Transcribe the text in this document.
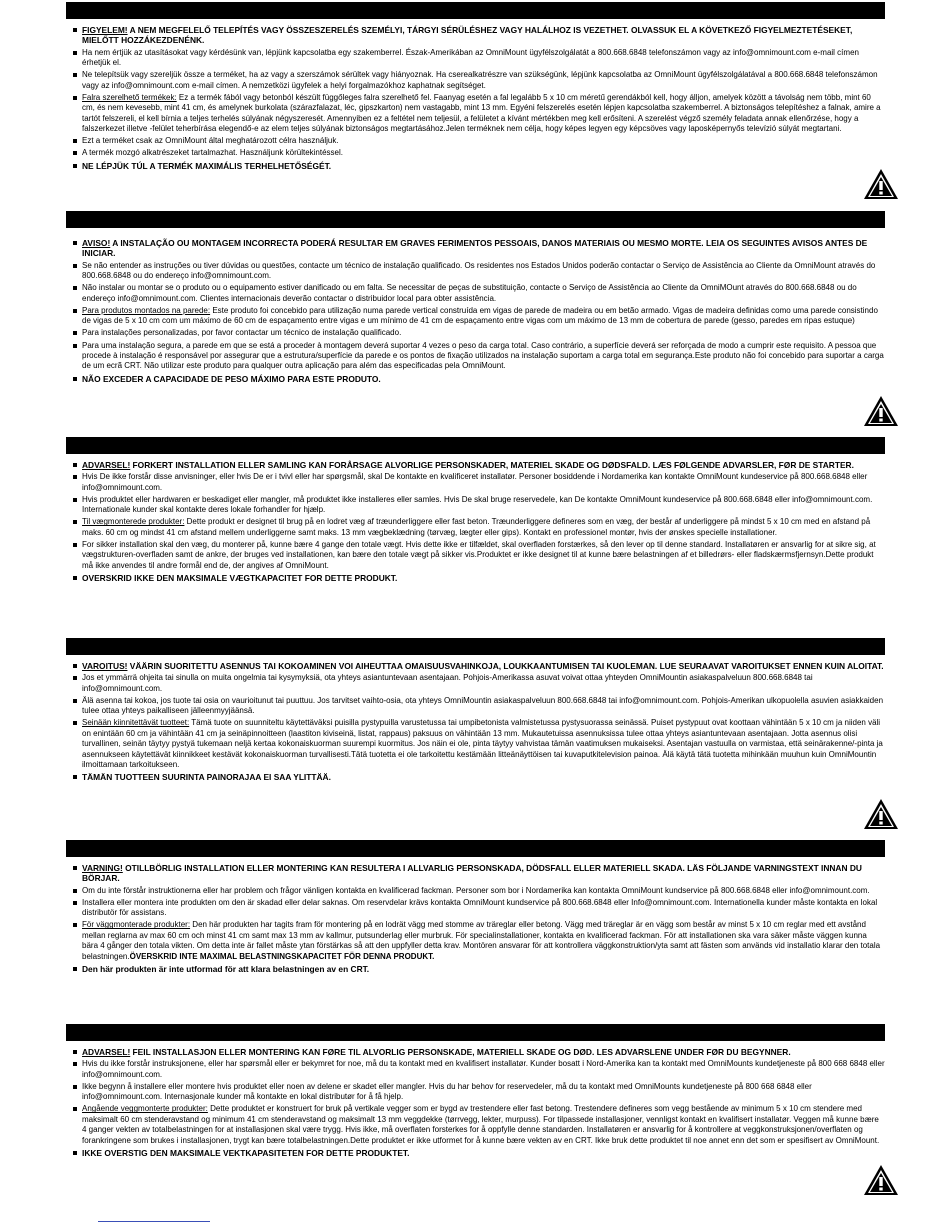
FIGYELEM! A NEM MEGFELELŐ TELEPÍTÉS VAGY ÖSSZESZERELÉS SZEMÉLYI, TÁRGYI SÉRÜLÉSHEZ VAGY HALÁLHOZ IS VEZETHET. OLVASSUK EL A KÖVETKEZŐ FIGYELMEZTETÉSEKET, MIELŐTT HOZZÁKEZDENÉNK.
Ha nem értjük az utasításokat vagy kérdésünk van, lépjünk kapcsolatba egy szakemberrel. Észak-Amerikában az OmniMount ügyfélszolgálatát a 800.668.6848 telefonszámon vagy az info@omnimount.com e-mail címen érhetjük el.
Ne telepítsük vagy szereljük össze a terméket, ha az vagy a szerszámok sérültek vagy hiányoznak. Ha cserealkatrészre van szükségünk, lépjünk kapcsolatba az OmniMount ügyfélszolgálatával a 800.668.6848 telefonszámon vagy az info@omnimount.com e-mail címen. A nemzetközi ügyfelek a helyi forgalmazókhoz kaphatnak segítséget.
Falra szerelhető termékek: Ez a termék fából vagy betonból készült függőleges falra szerelhető fel. Faanyag esetén a fal legalább 5 x 10 cm méretű gerendákból kell, hogy álljon, amelyek között a távolság nem több, mint 60 cm, és nem kevesebb, mint 41 cm, és amelynek burkolata (szárazfalazat, léc, gipszkarton) nem vastagabb, mint 13 mm. Egyéni felszerelés esetén lépjen kapcsolatba szakemberrel. A biztonságos telepítéshez a falnak, amire a tartót felszereli, el kell bírnia a teljes terhelés súlyának négyszeresét. Amennyiben ez a feltétel nem teljesül, a felületet a kívánt mértékben meg kell erősíteni. A szerelést végző személy feladata annak ellenőrzése, hogy a falszerkezet illetve -felület teherbírása elegendő-e az elem teljes súlyának biztonságos megtartásához.Jelen terméknek nem célja, hogy képes legyen egy képcsöves vagy laposképernyős televízió súlyát megtartani.
Ezt a terméket csak az OmniMount által meghatározott célra használjuk.
A termék mozgó alkatrészeket tartalmazhat. Használjunk körültekintéssel.
NE LÉPJÜK TÚL A TERMÉK MAXIMÁLIS TERHELHETŐSÉGÉT.
AVISO! A INSTALAÇÃO OU MONTAGEM INCORRECTA PODERÁ RESULTAR EM GRAVES FERIMENTOS PESSOAIS, DANOS MATERIAIS OU MESMO MORTE. LEIA OS SEGUINTES AVISOS ANTES DE INICIAR.
Se não entender as instruções ou tiver dúvidas ou questões, contacte um técnico de instalação qualificado. Os residentes nos Estados Unidos poderão contactar o Serviço de Assistência ao Cliente da OmniMount através do 800.668.6848 ou do endereço info@omnimount.com.
Não instalar ou montar se o produto ou o equipamento estiver danificado ou em falta. Se necessitar de peças de substituição, contacte o Serviço de Assistência ao Cliente da OmniMOunt através do 800.668.6848 ou do endereço info@omnimount.com. Clientes internacionais deverão contactar o distribuidor local para obter assistência.
Para produtos montados na parede: Este produto foi concebido para utilização numa parede vertical construída em vigas de parede de madeira ou em betão armado. Vigas de madeira definidas como uma parede consistindo de vigas de 5 x 10 cm com um máximo de 60 cm de espaçamento entre vigas e um mínimo de 41 cm de espaçamento entre vigas com um máximo de 13 mm de cobertura de parede (gesso, paredes em ripas estuque)
Para instalações personalizadas, por favor contactar um técnico de instalação qualificado.
Para uma instalação segura, a parede em que se está a proceder à montagem deverá suportar 4 vezes o peso da carga total. Caso contrário, a superfície deverá ser reforçada de modo a cumprir este requisito. A pessoa que procede à instalação é responsável por assegurar que a estrutura/superfície da parede e os pontos de fixação utilizados na instalação suportam a carga total em segurança.Este produto não foi concebido para suportar a carga de um ecrã CRT. Não utilizar este produto para qualquer outra aplicação para além das especificadas pela OmniMount.
NÃO EXCEDER A CAPACIDADE DE PESO MÁXIMO PARA ESTE PRODUTO.
ADVARSEL! FORKERT INSTALLATION ELLER SAMLING KAN FORÅRSAGE ALVORLIGE PERSONSKADER, MATERIEL SKADE OG DØDSFALD. LÆS FØLGENDE ADVARSLER, FØR DE STARTER.
Hvis De ikke forstår disse anvisninger, eller hvis De er i tvivl eller har spørgsmål, skal De kontakte en kvalificeret installatør. Personer bosiddende i Nordamerika kan kontakte OmniMount kundeservice på 800.668.6848 eller info@omnimount.com.
Hvis produktet eller hardwaren er beskadiget eller mangler, må produktet ikke installeres eller samles. Hvis De skal bruge reservedele, kan De kontakte OmniMount kundeservice på 800.668.6848 eller info@omnimount.com. Internationale kunder skal kontakte deres lokale forhandler for hjælp.
Til vægmonterede produkter: Dette produkt er designet til brug på en lodret væg af træunderliggere eller fast beton. Træunderliggere defineres som en væg, der består af underliggere på mindst 5 x 10 cm med en afstand på maks. 60 cm og mindst 41 cm afstand mellem underliggerne samt maks. 13 mm vægbeklædning (tørvæg, lægter eller gips). Kontakt en professionel montør, hvis der ønskes specielle installationer.
For sikker installation skal den væg, du monterer på, kunne bære 4 gange den totale vægt. Hvis dette ikke er tilfældet, skal overfladen forstærkes, så den lever op til denne standard. Installatøren er ansvarlig for at sikre sig, at vægstrukturen-overfladen samt de ankre, der bruges ved installationen, kan bære den totale vægt på sikker vis.Produktet er ikke designet til at kunne bære belastningen af et billedrørs- eller fladskærmsfjernsyn.Dette produkt må ikke anvendes til andre formål end de, der angives af OmniMount.
OVERSKRID IKKE DEN MAKSIMALE VÆGTKAPACITET FOR DETTE PRODUKT.
VAROITUS! VÄÄRIN SUORITETTU ASENNUS TAI KOKOAMINEN VOI AIHEUTTAA OMAISUUSVAHINKOJA, LOUKKAANTUMISEN TAI KUOLEMAN. LUE SEURAAVAT VAROITUKSET ENNEN KUIN ALOITAT.
Jos et ymmärrä ohjeita tai sinulla on muita ongelmia tai kysymyksiä, ota yhteys asiantuntevaan asentajaan. Pohjois-Amerikassa asuvat voivat ottaa yhteyden OmniMountin asiakaspalveluun 800.668.6848 tai info@omnimount.com.
Älä asenna tai kokoa, jos tuote tai osia on vaurioitunut tai puuttuu. Jos tarvitset vaihto-osia, ota yhteys OmniMountin asiakaspalveluun 800.668.6848 tai info@omnimount.com. Pohjois-Amerikan ulkopuolella asuvien asiakkaiden tulee ottaa yhteys paikalliseen jälleenmyyjäänsä.
Seinään kiinnitettävät tuotteet: Tämä tuote on suunniteltu käytettäväksi puisilla pystypuilla varustetussa tai umpibetonista valmistetussa pystysuorassa seinässä. Puiset pystypuut ovat koottaan vähintään 5 x 10 cm ja niiden väli on enintään 60 cm ja vähintään 41 cm ja seinäpinnoitteen (laastiton kiviseinä, listat, rappaus) paksuus on vähintään 13 mm. Mukautetuissa asennuksissa tulee ottaa yhteys asiantuntevaan asentajaan. Jotta asennus olisi turvallinen, seinän täytyy pystyä tukemaan neljä kertaa kokonaiskuorman suurempi kuormitus. Jos näin ei ole, pinta täytyy vahvistaa tämän vaatimuksen mukaiseksi. Asentajan vastuulla on varmistaa, että seinärakenne/-pinta ja asennukseen käytettävät kiinnikkeet kestävät kokonaiskuorman turvallisesti.Tätä tuotetta ei ole tarkoitettu kestämään litteänäyttöisen tai kuvaputkitelevision painoa. Älä käytä tätä tuotetta mihinkään muuhun kuin OmniMountin ilmoittamaan tarkoitukseen.
TÄMÄN TUOTTEEN SUURINTA PAINORAJAA EI SAA YLITTÄÄ.
VARNING! OTILLBÖRLIG INSTALLATION ELLER MONTERING KAN RESULTERA I ALLVARLIG PERSONSKADA, DÖDSFALL ELLER MATERIELL SKADA. LÄS FÖLJANDE VARNINGSTEXT INNAN DU BÖRJAR.
Om du inte förstår instruktionerna eller har problem och frågor vänligen kontakta en kvalificerad fackman. Personer som bor i Nordamerika kan kontakta OmniMount kundservice på 800.668.6848 eller info@omnimount.com.
Installera eller montera inte produkten om den är skadad eller delar saknas. Om reservdelar krävs kontakta OmniMount kundservice på 800.668.6848 eller Info@omnimount.com. Internationella kunder måste kontakta en lokal distributör för assistans.
För väggmonterade produkter: Den här produkten har tagits fram för montering på en lodrät vägg med stomme av träreglar eller betong. Vägg med träreglar är en vägg som består av minst 5 x 10 cm reglar med ett avstånd mellan reglarna av max 60 cm och minst 41 cm samt max 13 mm av kallmur, putsunderlag eller murbruk. För specialinstallationer, kontakta en kvalificerad fackman. För att installationen ska vara säker måste väggen kunna bära 4 gånger den totala vikten. Om detta inte är fallet måste ytan förstärkas så att den uppfyller detta krav. Montören ansvarar för att kontrollera väggkonstruktion/yta samt att fästen som används vid installatio klarar den totala belastningen.ÖVERSKRID INTE MAXIMAL BELASTNINGSKAPACITET FÖR DENNA PRODUKT.
Den här produkten är inte utformad för att klara belastningen av en CRT.
ADVARSEL! FEIL INSTALLASJON ELLER MONTERING KAN FØRE TIL ALVORLIG PERSONSKADE, MATERIELL SKADE OG DØD. LES ADVARSLENE UNDER FØR DU BEGYNNER.
Hvis du ikke forstår instruksjonene, eller har spørsmål eller er bekymret for noe, må du ta kontakt med en kvalifisert installatør. Kunder bosatt i Nord-Amerika kan ta kontakt med OmniMounts kundetjeneste på 800 668 6848 eller info@omnimount.com.
Ikke begynn å installere eller montere hvis produktet eller noen av delene er skadet eller mangler. Hvis du har behov for reservedeler, må du ta kontakt med OmniMounts kundetjeneste på 800 668 6848 eller info@omnimount.com. Internasjonale kunder må kontakte en lokal distributør for å få hjelp.
Angående veggmonterte produkter: Dette produktet er konstruert for bruk på vertikale vegger som er bygd av trestendere eller fast betong. Trestendere defineres som vegg bestående av minimum 5 x 10 cm stendere med maksimalt 60 cm stenderavstand og minimum 41 cm stenderavstand og maksimalt 13 mm veggdekke (tørrvegg, lekter, murpuss). For tilpassede installasjoner, vennligst kontakt en kvalifisert installatør. Veggen må kunne bære 4 ganger vekten av totalbelastningen for at installasjonen skal være trygg. Hvis ikke, må overflaten forsterkes for å oppfylle denne standarden. Installatøren er ansvarlig for å kontrollere at veggkonstruksjonen/overflaten og forankringene som brukes i installasjonen, trygt kan bære totalbelastningen.Dette produktet er ikke utformet for å kunne bære vekten av en CRT. Ikke bruk dette produktet til noe annet enn det som er spesifisert av OmniMount.
IKKE OVERSTIG DEN MAKSIMALE VEKTKAPASITETEN FOR DETTE PRODUKTET.
